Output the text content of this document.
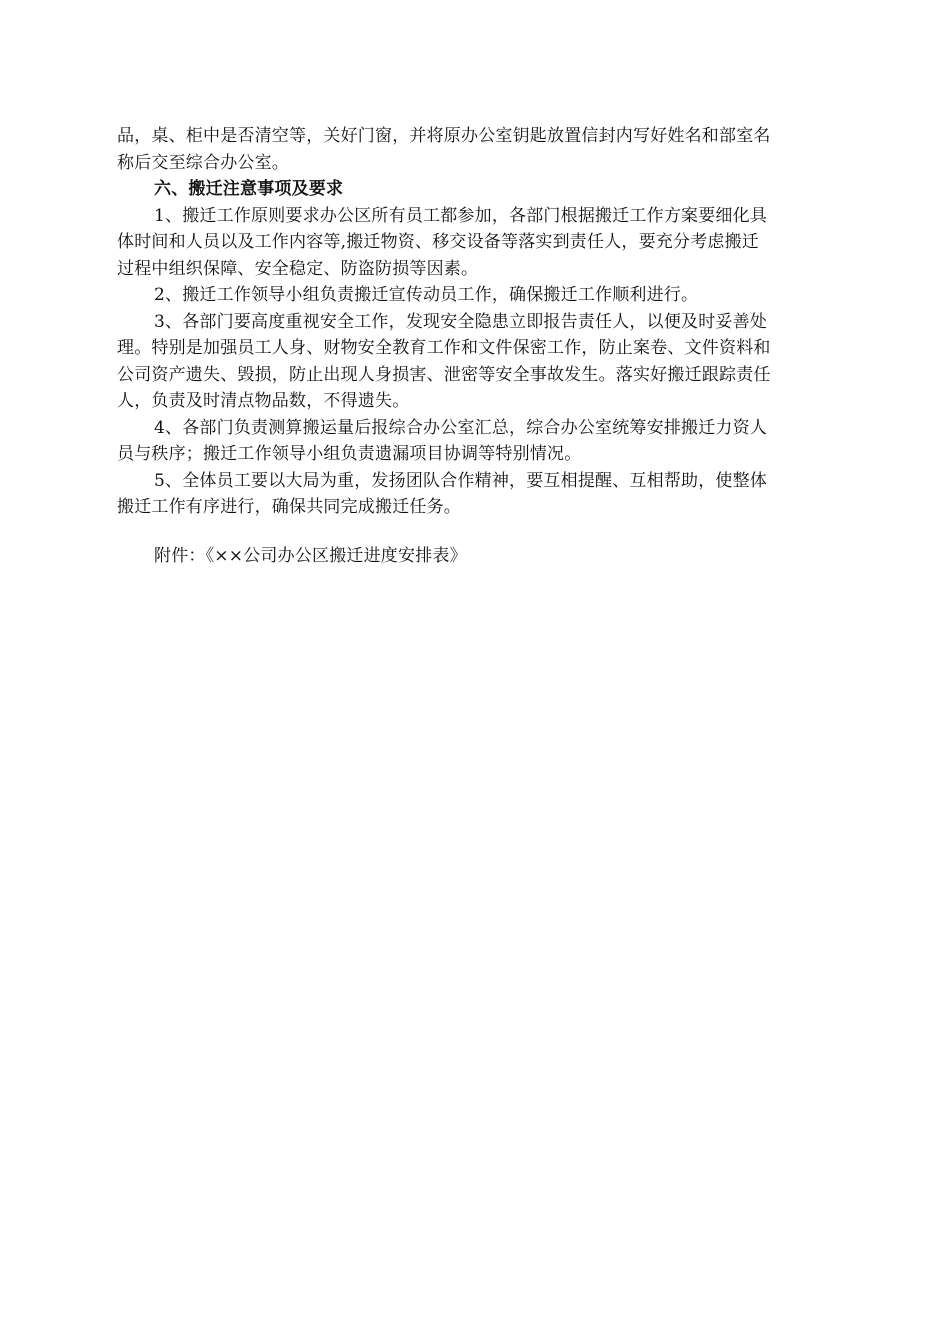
品，桌、柜中是否清空等，关好门窗，并将原办公室钥匙放置信封内写好姓名和部室名
称后交至综合办公室。
六、搬迁注意事项及要求
1、搬迁工作原则要求办公区所有员工都参加，各部门根据搬迁工作方案要细化具
体时间和人员以及工作内容等,搬迁物资、移交设备等落实到责任人，要充分考虑搬迁
过程中组织保障、安全稳定、防盗防损等因素。
2、搬迁工作领导小组负责搬迁宣传动员工作，确保搬迁工作顺利进行。
3、各部门要高度重视安全工作，发现安全隐患立即报告责任人，以便及时妥善处
理。特别是加强员工人身、财物安全教育工作和文件保密工作，防止案卷、文件资料和
公司资产遗失、毁损，防止出现人身损害、泄密等安全事故发生。落实好搬迁跟踪责任
人，负责及时清点物品数，不得遗失。
4、各部门负责测算搬运量后报综合办公室汇总，综合办公室统筹安排搬迁力资人
员与秩序；搬迁工作领导小组负责遗漏项目协调等特别情况。
5、全体员工要以大局为重，发扬团队合作精神，要互相提醒、互相帮助，使整体
搬迁工作有序进行，确保共同完成搬迁任务。
附件：《××公司办公区搬迁进度安排表》
